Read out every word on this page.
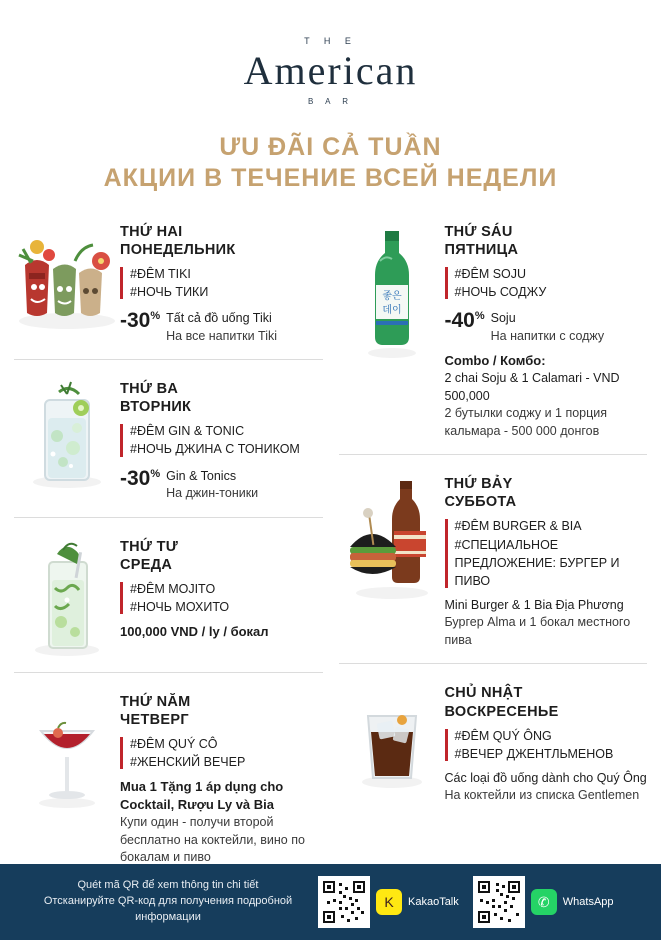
T H E
American
B A R
ƯU ĐÃI CẢ TUẦN
АКЦИИ В ТЕЧЕНИЕ ВСЕЙ НЕДЕЛИ
THỨ HAI
ПОНЕДЕЛЬНИК
#ĐÊM TIKI
#НОЧЬ ТИКИ
-30% Tất cả đồ uống Tiki
На все напитки Tiki
THỨ BA
ВТОРНИК
#ĐÊM GIN & TONIC
#НОЧЬ ДЖИНА С ТОНИКОМ
-30% Gin & Tonics
На джин-тоники
THỨ TƯ
СРЕДА
#ĐÊM MOJITO
#НОЧЬ МОХИТО
100,000 VND / ly / бокал
THỨ NĂM
ЧЕТВЕРГ
#ĐÊM QUÝ CÔ
#ЖЕНСКИЙ ВЕЧЕР
Mua 1 Tặng 1 áp dụng cho Cocktail, Rượu Ly và Bia
Купи один - получи второй бесплатно на коктейли, вино по бокалам и пиво
좋은
데이
THỨ SÁU
ПЯТНИЦА
#ĐÊM SOJU
#НОЧЬ СОДЖУ
-40% Soju
На напитки с соджу
Combo / Комбо:
2 chai Soju & 1 Calamari - VND 500,000
2 бутылки соджу и 1 порция кальмара - 500 000 донгов
THỨ BẢY
СУББОТА
#ĐÊM BURGER & BIA
#СПЕЦИАЛЬНОЕ ПРЕДЛОЖЕНИЕ: БУРГЕР И ПИВО
Mini Burger & 1 Bia Địa Phương
Бургер Alma и 1 бокал местного пива
CHỦ NHẬT
ВОСКРЕСЕНЬЕ
#ĐÊM QUÝ ÔNG
#ВЕЧЕР ДЖЕНТЛЬМЕНОВ
Các loại đồ uống dành cho Quý Ông
На коктейли из списка Gentlemen
Quét mã QR để xem thông tin chi tiết
Отсканируйте QR-код для получения подробной информации
K	KakaoTalk	✆	WhatsApp
